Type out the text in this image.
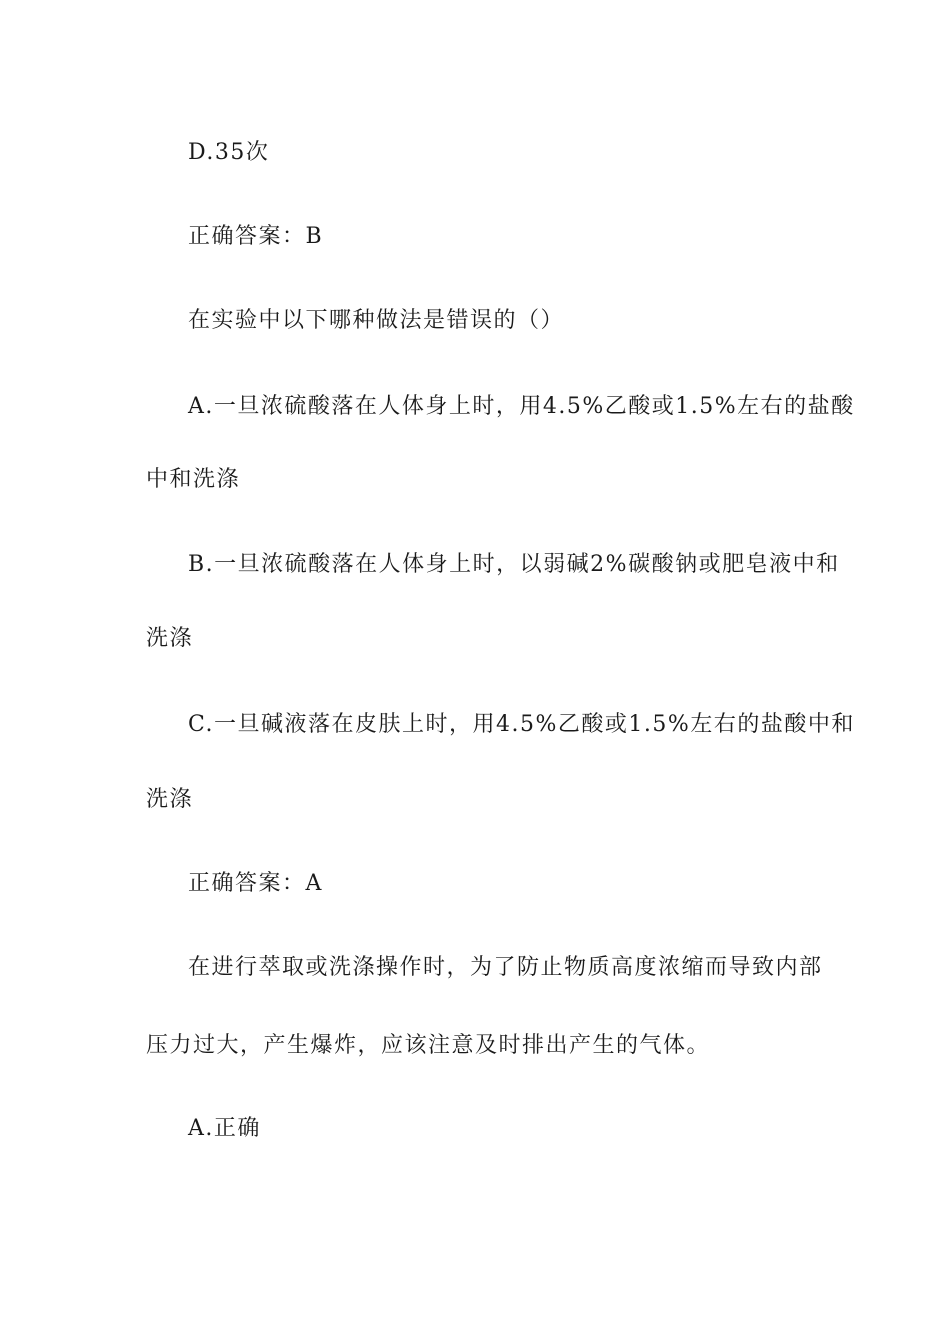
D.35次

正确答案：B

在实验中以下哪种做法是错误的（）

A.一旦浓硫酸落在人体身上时，用4.5%乙酸或1.5%左右的盐酸

中和洗涤

B.一旦浓硫酸落在人体身上时，以弱碱2%碳酸钠或肥皂液中和

洗涤

C.一旦碱液落在皮肤上时，用4.5%乙酸或1.5%左右的盐酸中和

洗涤

正确答案：A

在进行萃取或洗涤操作时，为了防止物质高度浓缩而导致内部

压力过大，产生爆炸，应该注意及时排出产生的气体。

A.正确
